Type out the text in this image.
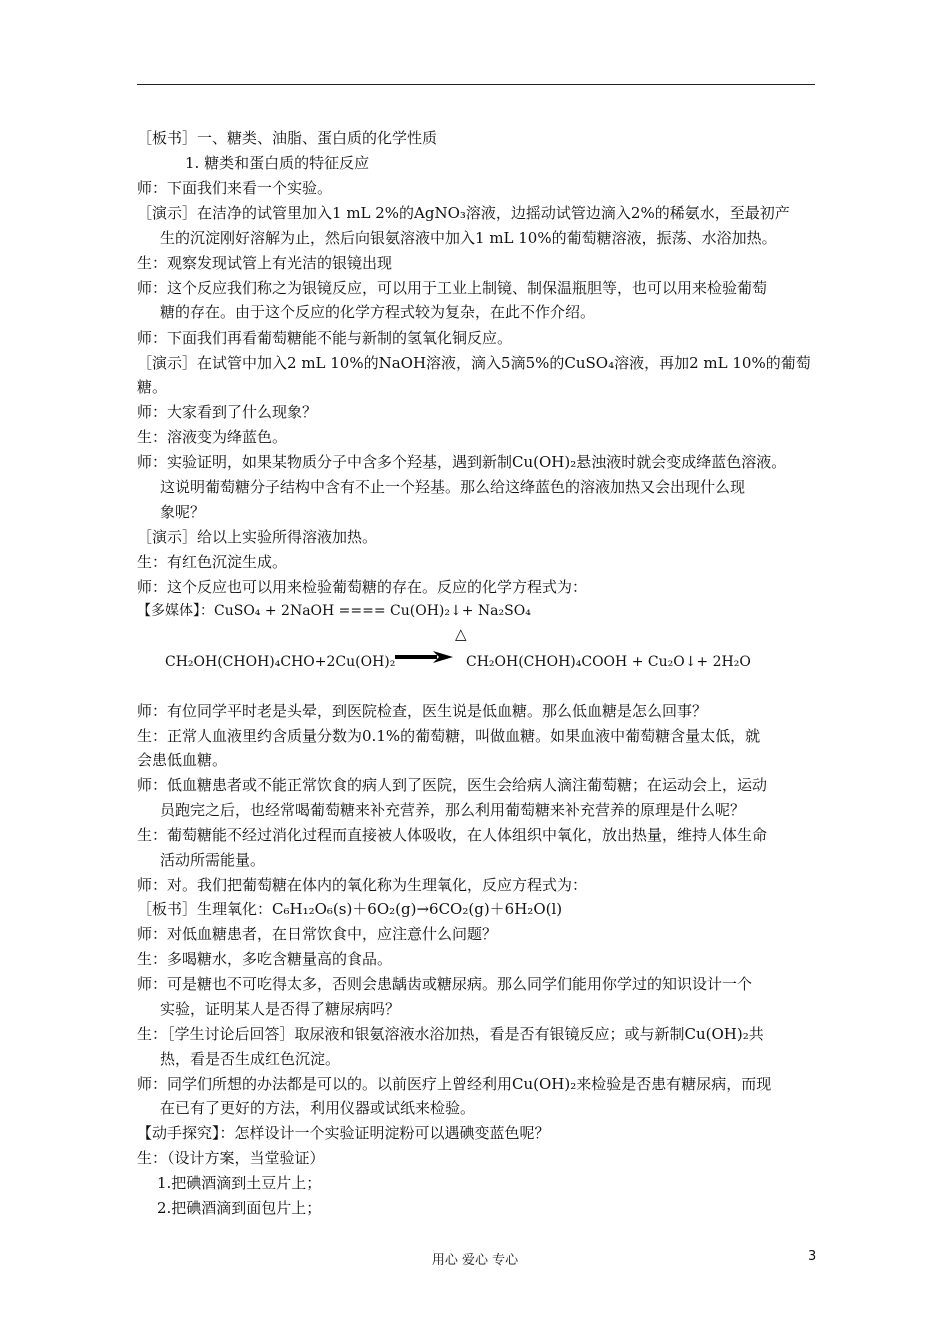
［板书］一、糖类、油脂、蛋白质的化学性质
1. 糖类和蛋白质的特征反应
师：下面我们来看一个实验。
［演示］在洁净的试管里加入1 mL 2%的AgNO₃溶液，边摇动试管边滴入2%的稀氨水，至最初产
生的沉淀刚好溶解为止，然后向银氨溶液中加入1 mL 10%的葡萄糖溶液，振荡、水浴加热。
生：观察发现试管上有光洁的银镜出现
师：这个反应我们称之为银镜反应，可以用于工业上制镜、制保温瓶胆等，也可以用来检验葡萄
糖的存在。由于这个反应的化学方程式较为复杂，在此不作介绍。
师：下面我们再看葡萄糖能不能与新制的氢氧化铜反应。
［演示］在试管中加入2 mL 10%的NaOH溶液，滴入5滴5%的CuSO₄溶液，再加2 mL 10%的葡萄
糖。
师：大家看到了什么现象？
生：溶液变为绛蓝色。
师：实验证明，如果某物质分子中含多个羟基，遇到新制Cu(OH)₂悬浊液时就会变成绛蓝色溶液。
这说明葡萄糖分子结构中含有不止一个羟基。那么给这绛蓝色的溶液加热又会出现什么现
象呢？
［演示］给以上实验所得溶液加热。
生：有红色沉淀生成。
师：这个反应也可以用来检验葡萄糖的存在。反应的化学方程式为：
【多媒体】：CuSO₄ + 2NaOH ==== Cu(OH)₂↓+ Na₂SO₄
△
CH₂OH(CHOH)₄CHO+2Cu(OH)₂ → CH₂OH(CHOH)₄COOH + Cu₂O↓+ 2H₂O
师：有位同学平时老是头晕，到医院检查，医生说是低血糖。那么低血糖是怎么回事？
生：正常人血液里约含质量分数为0.1%的葡萄糖，叫做血糖。如果血液中葡萄糖含量太低，就
会患低血糖。
师：低血糖患者或不能正常饮食的病人到了医院，医生会给病人滴注葡萄糖；在运动会上，运动
员跑完之后，也经常喝葡萄糖来补充营养，那么利用葡萄糖来补充营养的原理是什么呢？
生：葡萄糖能不经过消化过程而直接被人体吸收，在人体组织中氧化，放出热量，维持人体生命
活动所需能量。
师：对。我们把葡萄糖在体内的氧化称为生理氧化，反应方程式为：
［板书］生理氧化：C₆H₁₂O₆(s)＋6O₂(g)→6CO₂(g)＋6H₂O(l)
师：对低血糖患者，在日常饮食中，应注意什么问题？
生：多喝糖水，多吃含糖量高的食品。
师：可是糖也不可吃得太多，否则会患龋齿或糖尿病。那么同学们能用你学过的知识设计一个
实验，证明某人是否得了糖尿病吗？
生：［学生讨论后回答］取尿液和银氨溶液水浴加热，看是否有银镜反应；或与新制Cu(OH)₂共
热，看是否生成红色沉淀。
师：同学们所想的办法都是可以的。以前医疗上曾经利用Cu(OH)₂来检验是否患有糖尿病，而现
在已有了更好的方法，利用仪器或试纸来检验。
【动手探究】：怎样设计一个实验证明淀粉可以遇碘变蓝色呢？
生：（设计方案，当堂验证）
1.把碘酒滴到土豆片上；
2.把碘酒滴到面包片上；
用心 爱心 专心	3
